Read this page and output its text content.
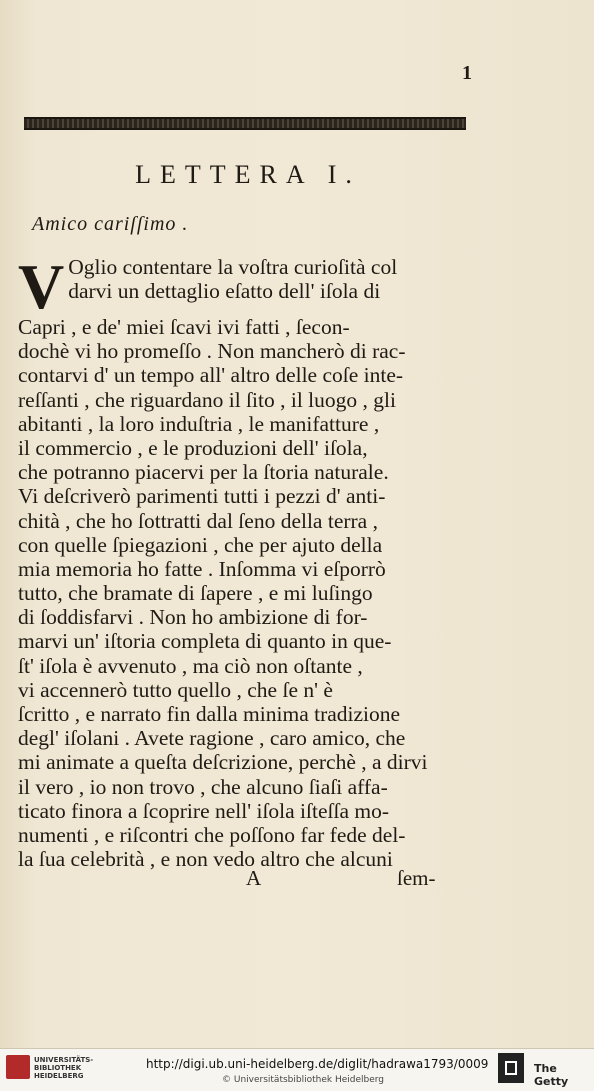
1
LETTERA I.
Amico cariſſimo .
V Oglio contentare la voſtra curioſità col
darvi un dettaglio eſatto dell' iſola di
Capri , e de' miei ſcavi ivi fatti , ſecon-
dochè vi ho promeſſo . Non mancherò di rac-
contarvi d' un tempo all' altro delle coſe inte-
reſſanti , che riguardano il ſito , il luogo , gli
abitanti , la loro induſtria , le manifatture ,
il commercio , e le produzioni dell' iſola,
che potranno piacervi per la ſtoria naturale.
Vi deſcriverò parimenti tutti i pezzi d' anti-
chità , che ho ſottratti dal ſeno della terra ,
con quelle ſpiegazioni , che per ajuto della
mia memoria ho fatte . Inſomma vi eſporrò
tutto, che bramate di ſapere , e mi luſingo
di ſoddisfarvi . Non ho ambizione di for-
marvi un' iſtoria completa di quanto in que-
ſt' iſola è avvenuto , ma ciò non oſtante ,
vi accennerò tutto quello , che ſe n' è
ſcritto , e narrato fin dalla minima tradizione
degl' iſolani . Avete ragione , caro amico, che
mi animate a queſta deſcrizione, perchè , a dirvi
il vero , io non trovo , che alcuno ſiaſi affa-
ticato finora a ſcoprire nell' iſola iſteſſa mo-
numenti , e riſcontri che poſſono far fede del-
la ſua celebrità , e non vedo altro che alcuni
A	ſem-
UNIVERSITÄTS-
BIBLIOTHEK
HEIDELBERG
http://digi.ub.uni-heidelberg.de/diglit/hadrawa1793/0009
© Universitätsbibliothek Heidelberg
The Getty
